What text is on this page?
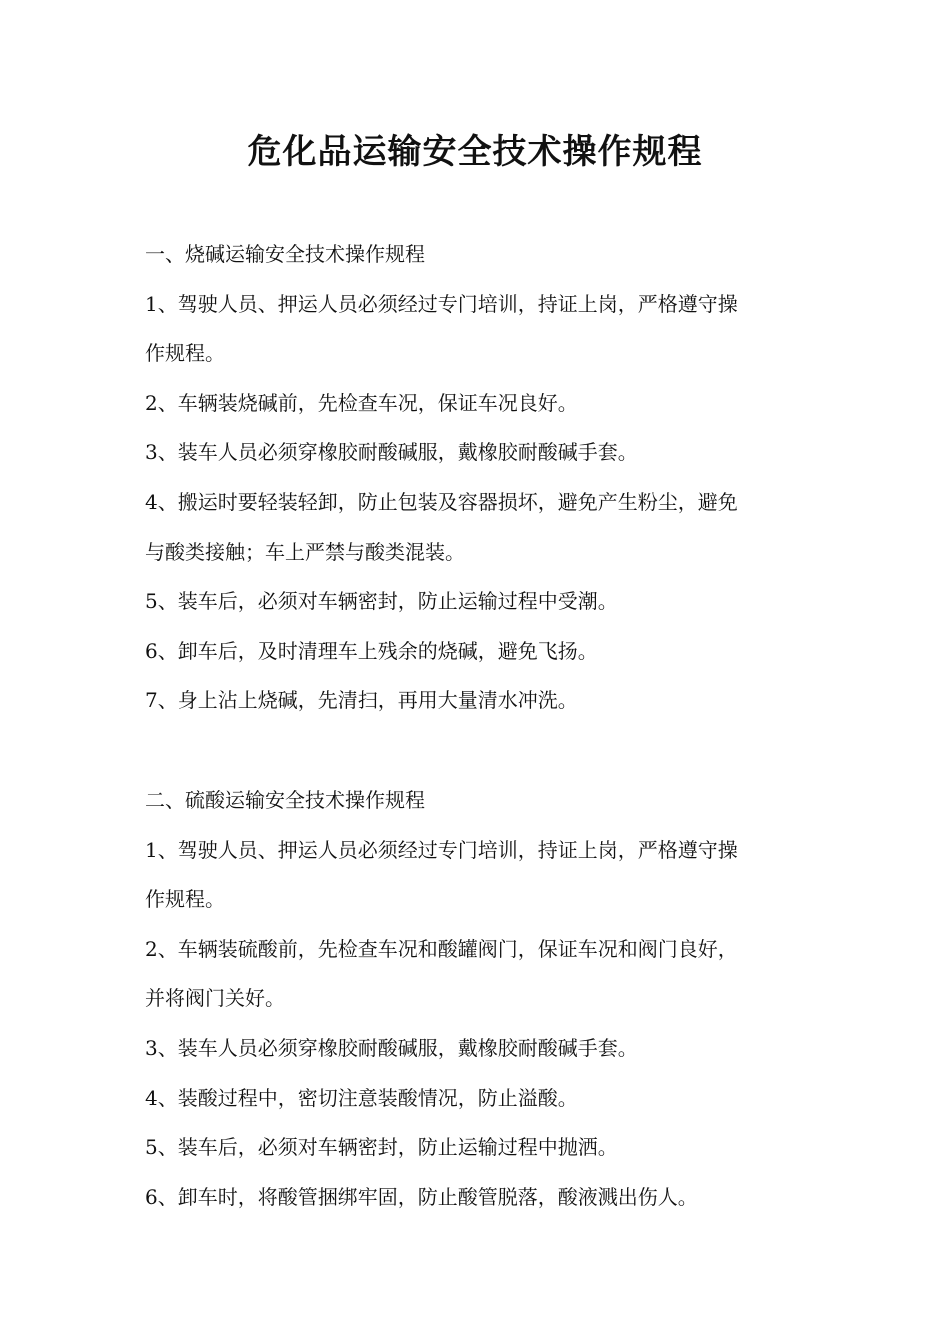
危化品运输安全技术操作规程

一、烧碱运输安全技术操作规程

1、驾驶人员、押运人员必须经过专门培训，持证上岗，严格遵守操

作规程。

2、车辆装烧碱前，先检查车况，保证车况良好。

3、装车人员必须穿橡胶耐酸碱服，戴橡胶耐酸碱手套。

4、搬运时要轻装轻卸，防止包装及容器损坏，避免产生粉尘，避免

与酸类接触；车上严禁与酸类混装。

5、装车后，必须对车辆密封，防止运输过程中受潮。

6、卸车后，及时清理车上残余的烧碱，避免飞扬。

7、身上沾上烧碱，先清扫，再用大量清水冲洗。

二、硫酸运输安全技术操作规程

1、驾驶人员、押运人员必须经过专门培训，持证上岗，严格遵守操

作规程。

2、车辆装硫酸前，先检查车况和酸罐阀门，保证车况和阀门良好，

并将阀门关好。

3、装车人员必须穿橡胶耐酸碱服，戴橡胶耐酸碱手套。

4、装酸过程中，密切注意装酸情况，防止溢酸。

5、装车后，必须对车辆密封，防止运输过程中抛洒。

6、卸车时，将酸管捆绑牢固，防止酸管脱落，酸液溅出伤人。
